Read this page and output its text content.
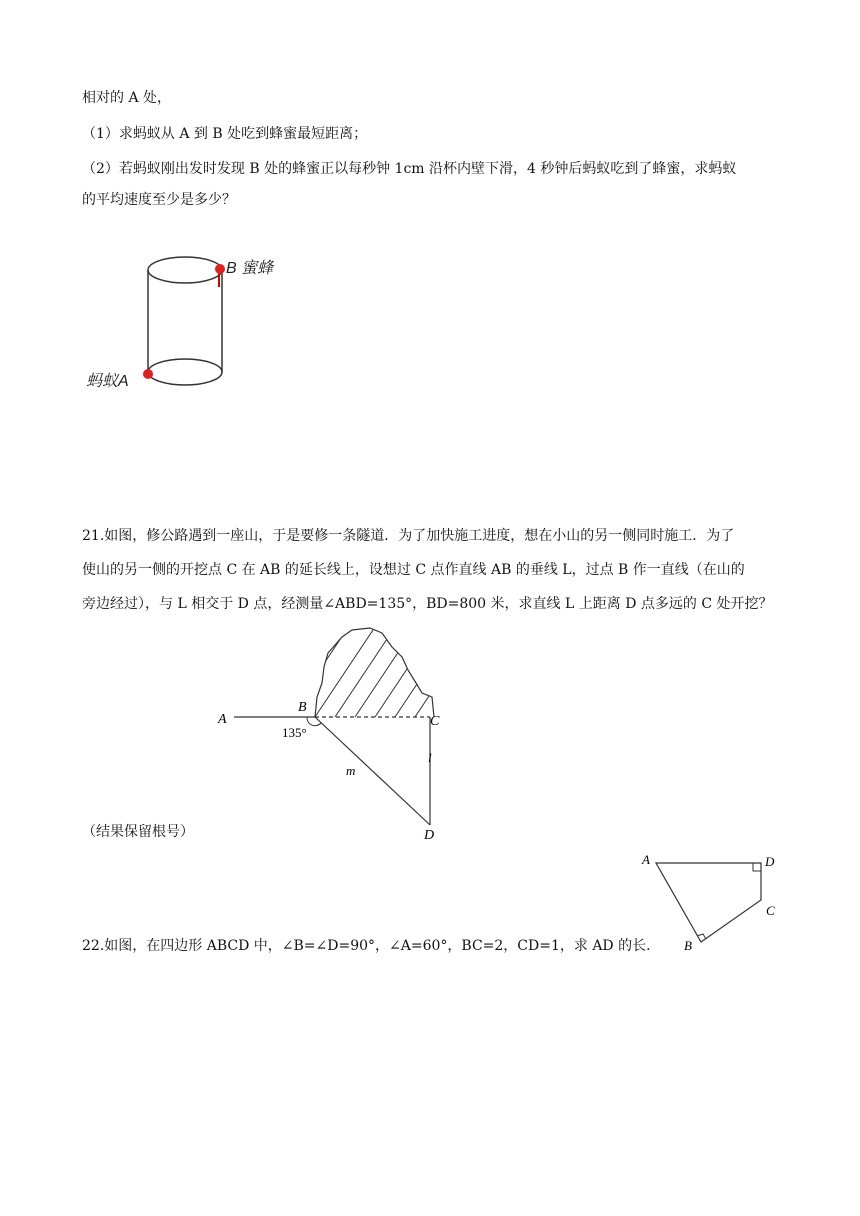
相对的 A 处，

（1）求蚂蚁从 A 到 B 处吃到蜂蜜最短距离；

（2）若蚂蚁刚出发时发现 B 处的蜂蜜正以每秒钟 1cm 沿杯内壁下滑，4 秒钟后蚂蚁吃到了蜂蜜，求蚂蚁

的平均速度至少是多少？

B 蜜蜂
蚂蚁A

21.如图，修公路遇到一座山，于是要修一条隧道．为了加快施工进度，想在小山的另一侧同时施工．为了

使山的另一侧的开挖点 C 在 AB 的延长线上，设想过 C 点作直线 AB 的垂线 L，过点 B 作一直线（在山的

旁边经过），与 L 相交于 D 点，经测量∠ABD=135°，BD=800 米，求直线 L 上距离 D 点多远的 C 处开挖？

A
B
C
D
135°
m
l

（结果保留根号）

A	D
C
B

22.如图，在四边形 ABCD 中，∠B=∠D=90°，∠A=60°，BC=2，CD=1，求 AD 的长．
